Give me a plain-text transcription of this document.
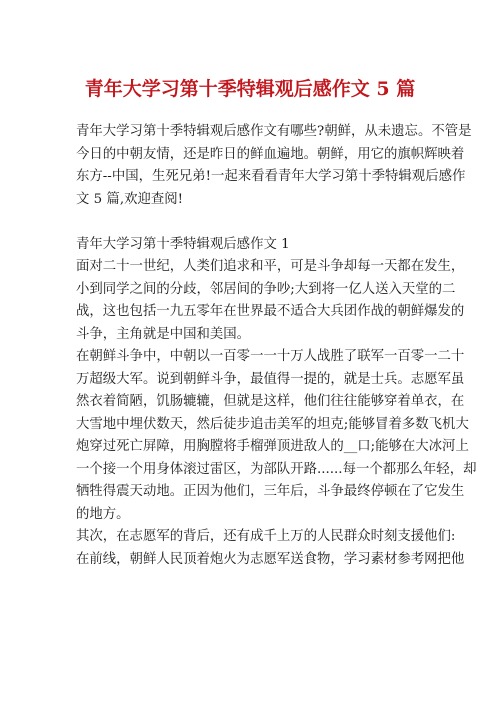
青年大学习第十季特辑观后感作文 5 篇
青年大学习第十季特辑观后感作文有哪些?朝鲜，从未遗忘。不管是
今日的中朝友情，还是昨日的鲜血遍地。朝鲜，用它的旗帜辉映着
东方--中国，生死兄弟!一起来看看青年大学习第十季特辑观后感作
文 5 篇,欢迎查阅!
青年大学习第十季特辑观后感作文 1
面对二十一世纪，人类们追求和平，可是斗争却每一天都在发生，
小到同学之间的分歧，邻居间的争吵;大到将一亿人送入天堂的二
战，这也包括一九五零年在世界最不适合大兵团作战的朝鲜爆发的
斗争，主角就是中国和美国。
在朝鲜斗争中，中朝以一百零一一十万人战胜了联军一百零一二十
万超级大军。说到朝鲜斗争，最值得一提的，就是士兵。志愿军虽
然衣着简陋，饥肠辘辘，但就是这样，他们往往能够穿着单衣，在
大雪地中埋伏数天，然后徒步追击美军的坦克;能够冒着多数飞机大
炮穿过死亡屏障，用胸膛将手榴弹顶进敌人的__口;能够在大冰河上
一个接一个用身体滚过雷区，为部队开路......每一个都那么年轻，却
牺牲得震天动地。正因为他们，三年后，斗争最终停顿在了它发生
的地方。
其次，在志愿军的背后，还有成千上万的人民群众时刻支援他们:
在前线，朝鲜人民顶着炮火为志愿军送食物，学习素材参考网把他
